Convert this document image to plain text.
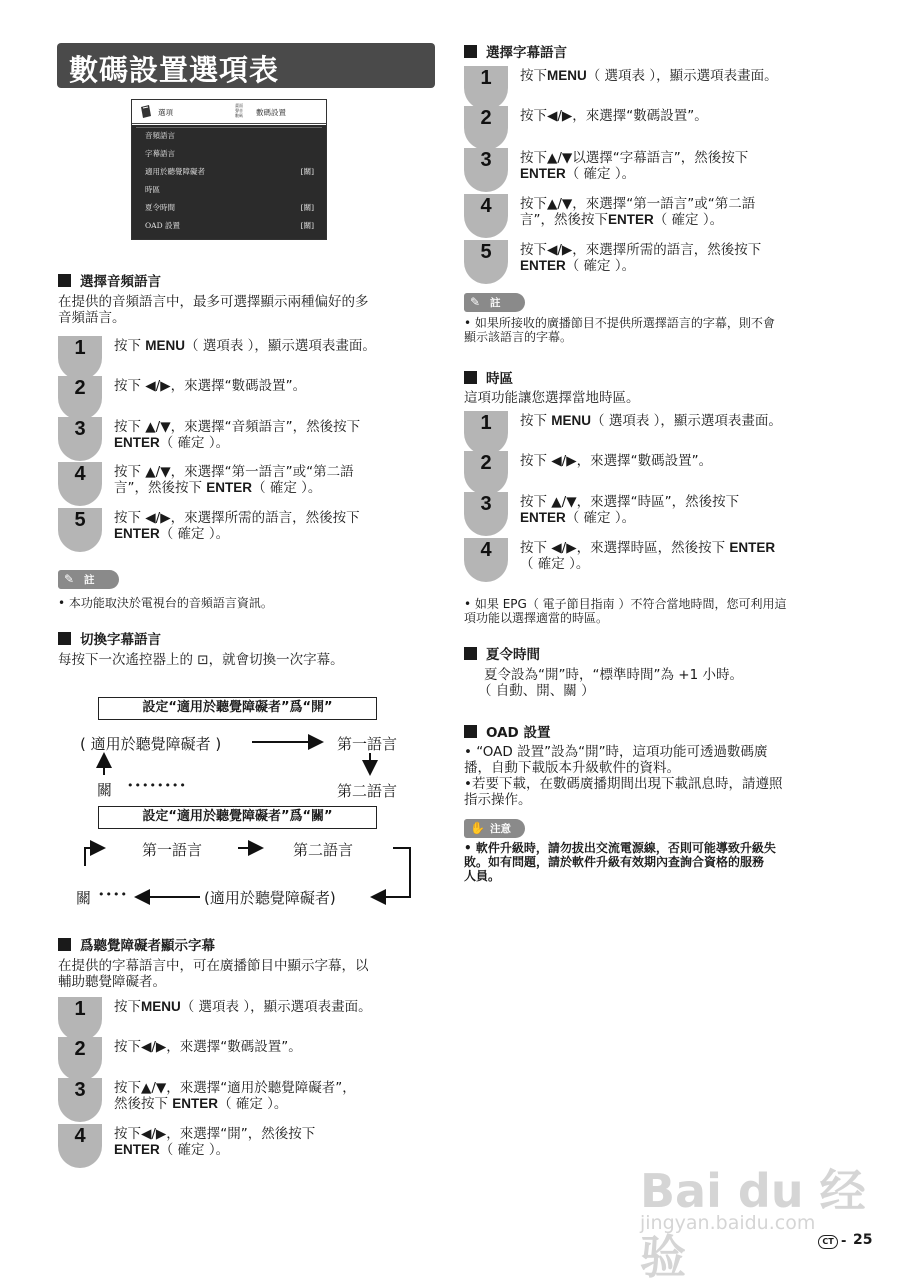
數碼設置選項表
選項
畫面
聲音
數碼	數碼設置
音頻語言
字幕語言
適用於聽覺障礙者	[關]
時區
夏令時間	[關]
OAD 設置	[關]
選擇音頻語言
在提供的音頻語言中，最多可選擇顯示兩種偏好的多
音頻語言。
1	按下 MENU（ 選項表 ），顯示選項表畫面。
2	按下 ◀/▶，來選擇“數碼設置”。
3	按下 ▲/▼，來選擇“音頻語言”，然後按下
ENTER（ 確定 ）。
4	按下 ▲/▼，來選擇“第一語言”或“第二語
言”，然後按下 ENTER（ 確定 ）。
5	按下 ◀/▶，來選擇所需的語言，然後按下
ENTER（ 確定 ）。
✎ 註
• 本功能取決於電視台的音頻語言資訊。
切換字幕語言
每按下一次遙控器上的 ⊡，就會切換一次字幕。
設定“適用於聽覺障礙者”爲“開”
( 適用於聽覺障礙者 )	第一語言
關 ••••••••	第二語言
設定“適用於聽覺障礙者”爲“關”
第一語言	第二語言
關 ••••	(適用於聽覺障礙者)
爲聽覺障礙者顯示字幕
在提供的字幕語言中，可在廣播節目中顯示字幕，以
輔助聽覺障礙者。
1	按下MENU（ 選項表 ），顯示選項表畫面。
2	按下◀/▶，來選擇“數碼設置”。
3	按下▲/▼，來選擇“適用於聽覺障礙者”，
然後按下 ENTER（ 確定 ）。
4	按下◀/▶，來選擇“開”，然後按下
ENTER（ 確定 ）。
選擇字幕語言
1	按下MENU（ 選項表 ），顯示選項表畫面。
2	按下◀/▶，來選擇“數碼設置”。
3	按下▲/▼以選擇“字幕語言”，然後按下
ENTER（ 確定 ）。
4	按下▲/▼，來選擇“第一語言”或“第二語
言”，然後按下ENTER（ 確定 ）。
5	按下◀/▶，來選擇所需的語言，然後按下
ENTER（ 確定 ）。
✎ 註
• 如果所接收的廣播節目不提供所選擇語言的字幕，則不會
顯示該語言的字幕。
時區
這項功能讓您選擇當地時區。
1	按下 MENU（ 選項表 ），顯示選項表畫面。
2	按下 ◀/▶，來選擇“數碼設置”。
3	按下 ▲/▼，來選擇“時區”，然後按下
ENTER（ 確定 ）。
4	按下 ◀/▶，來選擇時區，然後按下 ENTER
（ 確定 ）。
• 如果 EPG（ 電子節目指南 ）不符合當地時間，您可利用這
項功能以選擇適當的時區。
夏令時間
夏令設為“開”時，“標準時間”為 +1 小時。
（ 自動、開、關 ）
OAD 設置
• “OAD 設置”設為“開”時，這項功能可透過數碼廣
播，自動下載版本升級軟件的資料。
•若要下載，在數碼廣播期間出現下載訊息時，請遵照
指示操作。
✋ 注意
• 軟件升級時，請勿拔出交流電源線，否則可能導致升級失
敗。如有問題，請於軟件升級有效期內查詢合資格的服務
人員。
Bai du 经验
jingyan.baidu.com
CT - 25
